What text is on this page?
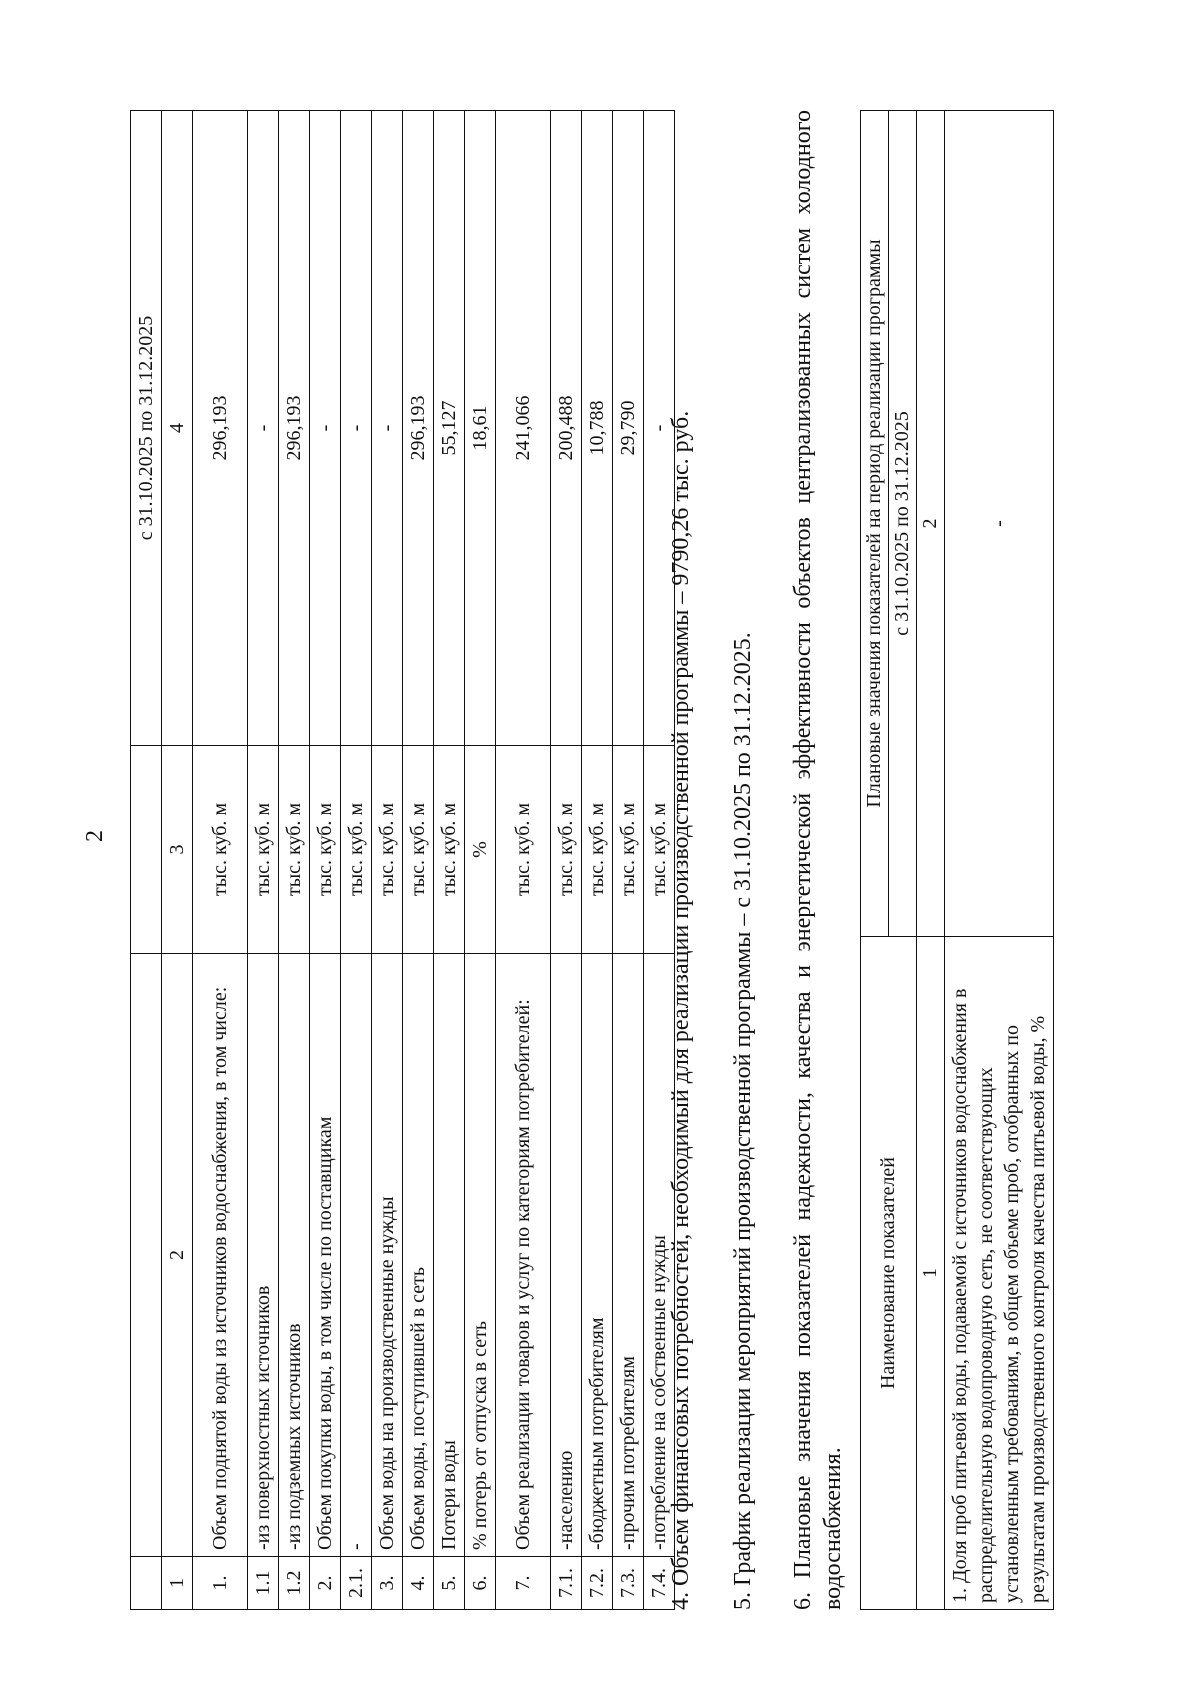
2
			с 31.10.2025 по 31.12.2025
1	2	3	4
1.	Объем поднятой воды из источников водоснабжения, в том числе:	тыс. куб. м	296,193
1.1	-из поверхностных источников	тыс. куб. м	-
1.2	-из подземных источников	тыс. куб. м	296,193
2.	Объем покупки воды, в том числе по поставщикам	тыс. куб. м	-
2.1.	-	тыс. куб. м	-
3.	Объем воды на производственные нужды	тыс. куб. м	-
4.	Объем воды, поступившей в сеть	тыс. куб. м	296,193
5.	Потери воды	тыс. куб. м	55,127
6.	% потерь от отпуска в сеть	%	18,61
7.	Объем реализации товаров и услуг по категориям потребителей:	тыс. куб. м	241,066
7.1.	-населению	тыс. куб. м	200,488
7.2.	-бюджетным потребителям	тыс. куб. м	10,788
7.3.	-прочим потребителям	тыс. куб. м	29,790
7.4.	-потребление на собственные нужды	тыс. куб. м	-
4. Объем финансовых потребностей, необходимый для реализации производственной программы – 9790,26 тыс. руб. 5. График реализации мероприятий производственной программы – с 31.10.2025 по 31.12.2025. 6. Плановые значения показателей надежности, качества и энергетической эффективности объектов централизованных систем холодного водоснабжения.
Наименование показателей	Плановые значения показателей на период реализации программы
	с 31.10.2025 по 31.12.2025
1	2
1. Доля проб питьевой воды, подаваемой с источников водоснабжения в распределительную водопроводную сеть, не соответствующих установленным требованиям, в общем объеме проб, отобранных по результатам производственного контроля качества питьевой воды, %	-
